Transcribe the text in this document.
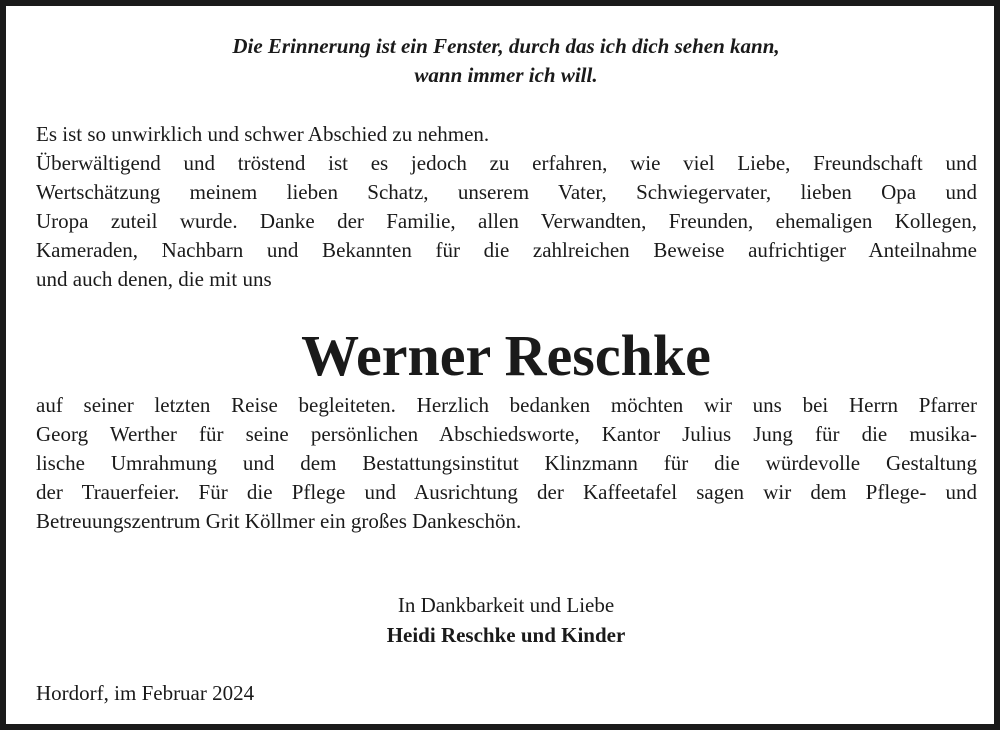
Die Erinnerung ist ein Fenster, durch das ich dich sehen kann,
wann immer ich will.
Es ist so unwirklich und schwer Abschied zu nehmen.
Überwältigend und tröstend ist es jedoch zu erfahren, wie viel Liebe, Freundschaft und
Wertschätzung meinem lieben Schatz, unserem Vater, Schwiegervater, lieben Opa und
Uropa zuteil wurde. Danke der Familie, allen Verwandten, Freunden, ehemaligen Kollegen,
Kameraden, Nachbarn und Bekannten für die zahlreichen Beweise aufrichtiger Anteilnahme
und auch denen, die mit uns
Werner Reschke
auf seiner letzten Reise begleiteten. Herzlich bedanken möchten wir uns bei Herrn Pfarrer
Georg Werther für seine persönlichen Abschiedsworte, Kantor Julius Jung für die musika-
lische Umrahmung und dem Bestattungsinstitut Klinzmann für die würdevolle Gestaltung
der Trauerfeier. Für die Pflege und Ausrichtung der Kaffeetafel sagen wir dem Pflege- und
Betreuungszentrum Grit Köllmer ein großes Dankeschön.
In Dankbarkeit und Liebe
Heidi Reschke und Kinder
Hordorf, im Februar 2024
